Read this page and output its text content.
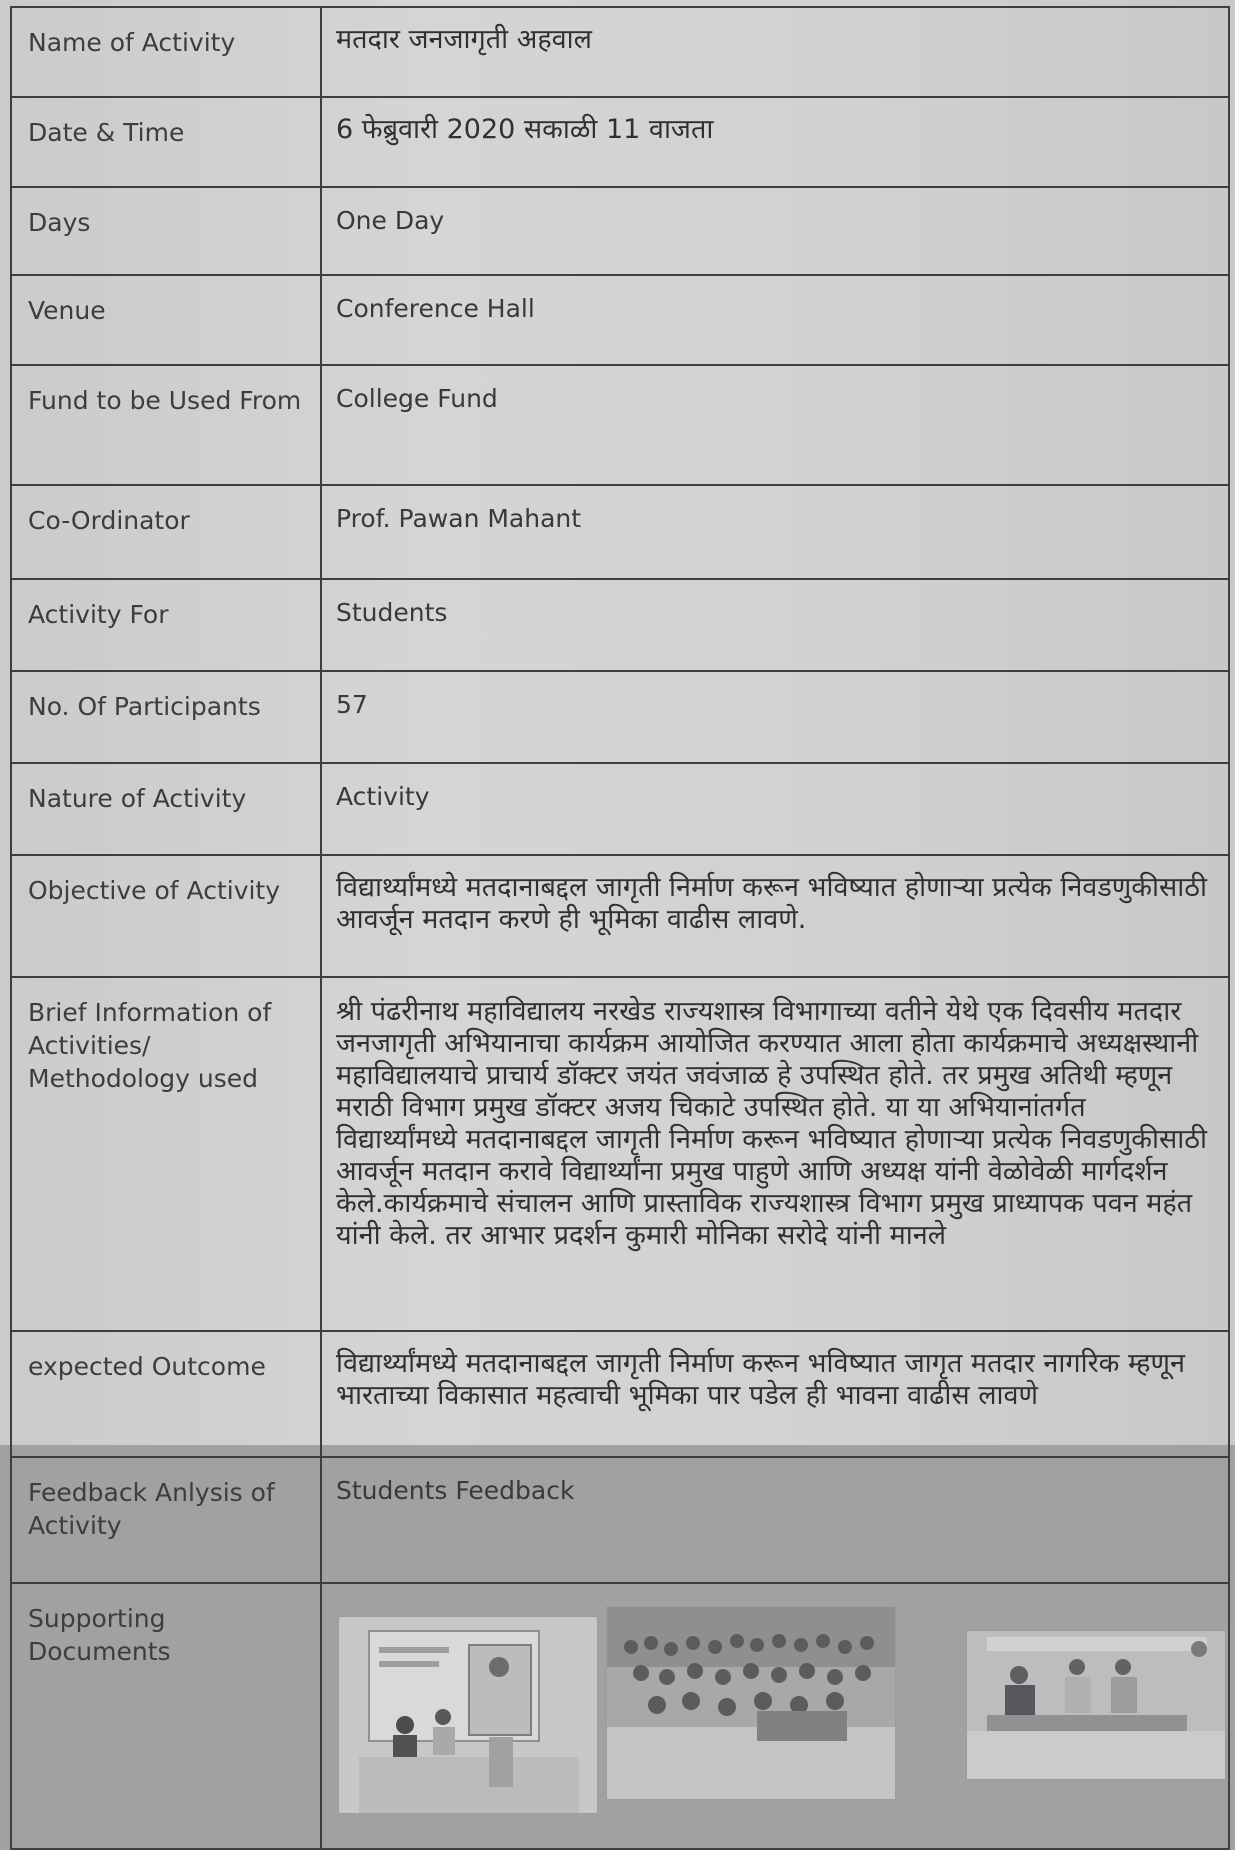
Name of Activity	मतदार जनजागृती अहवाल
Date & Time	6 फेब्रुवारी 2020 सकाळी 11 वाजता
Days	One Day
Venue	Conference Hall
Fund to be Used From	College Fund
Co-Ordinator	Prof. Pawan Mahant
Activity For	Students
No. Of Participants	57
Nature of Activity	Activity
Objective of Activity	विद्यार्थ्यांमध्ये मतदानाबद्दल जागृती निर्माण करून भविष्यात होणाऱ्या प्रत्येक निवडणुकीसाठी आवर्जून मतदान करणे ही भूमिका वाढीस लावणे.
Brief Information of Activities/ Methodology used	श्री पंढरीनाथ महाविद्यालय नरखेड राज्यशास्त्र विभागाच्या वतीने येथे एक दिवसीय मतदार जनजागृती अभियानाचा कार्यक्रम आयोजित करण्यात आला होता कार्यक्रमाचे अध्यक्षस्थानी महाविद्यालयाचे प्राचार्य डॉक्टर जयंत जवंजाळ हे उपस्थित होते. तर प्रमुख अतिथी म्हणून मराठी विभाग प्रमुख डॉक्टर अजय चिकाटे उपस्थित होते. या या अभियानांतर्गत विद्यार्थ्यांमध्ये मतदानाबद्दल जागृती निर्माण करून भविष्यात होणाऱ्या प्रत्येक निवडणुकीसाठी आवर्जून मतदान करावे विद्यार्थ्यांना प्रमुख पाहुणे आणि अध्यक्ष यांनी वेळोवेळी मार्गदर्शन केले.कार्यक्रमाचे संचालन आणि प्रास्ताविक राज्यशास्त्र विभाग प्रमुख प्राध्यापक पवन महंत यांनी केले. तर आभार प्रदर्शन कुमारी मोनिका सरोदे यांनी मानले
expected Outcome	विद्यार्थ्यांमध्ये मतदानाबद्दल जागृती निर्माण करून भविष्यात जागृत मतदार नागरिक म्हणून भारताच्या विकासात महत्वाची भूमिका पार पडेल ही भावना वाढीस लावणे
Feedback Anlysis of Activity	Students Feedback
Supporting Documents	
